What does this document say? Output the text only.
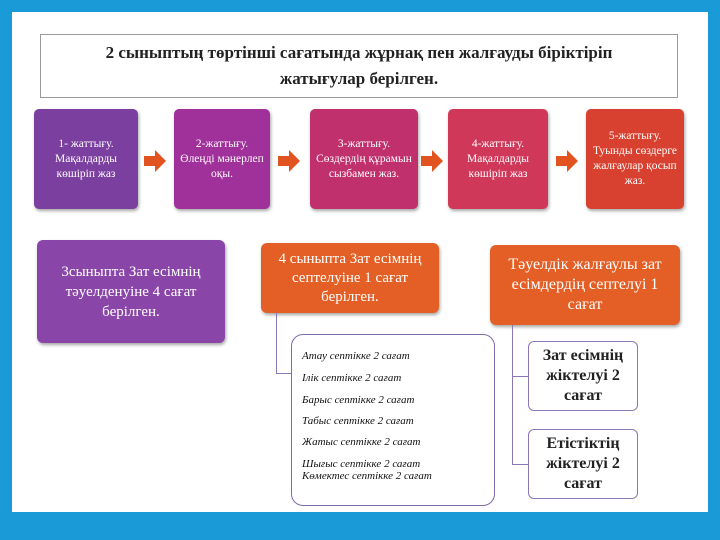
2 сыныптың төртінші сағатында жұрнақ пен жалғауды біріктіріп жатығулар берілген.
1- жаттығу. Мақалдарды көшіріп жаз
2-жаттығу. Өлеңді мәнерлеп оқы.
3-жаттығу. Сөздердің құрамын сызбамен жаз.
4-жаттығу. Мақалдарды көшіріп жаз
5-жаттығу. Туынды сөздерге жалғаулар қосып жаз.
3сыныпта Зат есімнің тәуелденуіне 4 сағат берілген.
4 сыныпта Зат есімнің септелуіне 1 сағат берілген.
Тәуелдік жалғаулы зат есімдердің септелуі 1 сағат
Атау септікке 2 сағат
Ілік септікке 2 сағат
Барыс септікке 2 сағат
Табыс септікке 2 сағат
Жатыс септікке 2 сағат
Шығыс септікке 2 сағат
Көмектес септікке 2 сағат
Зат есімнің жіктелуі 2 сағат
Етістіктің жіктелуі 2 сағат
